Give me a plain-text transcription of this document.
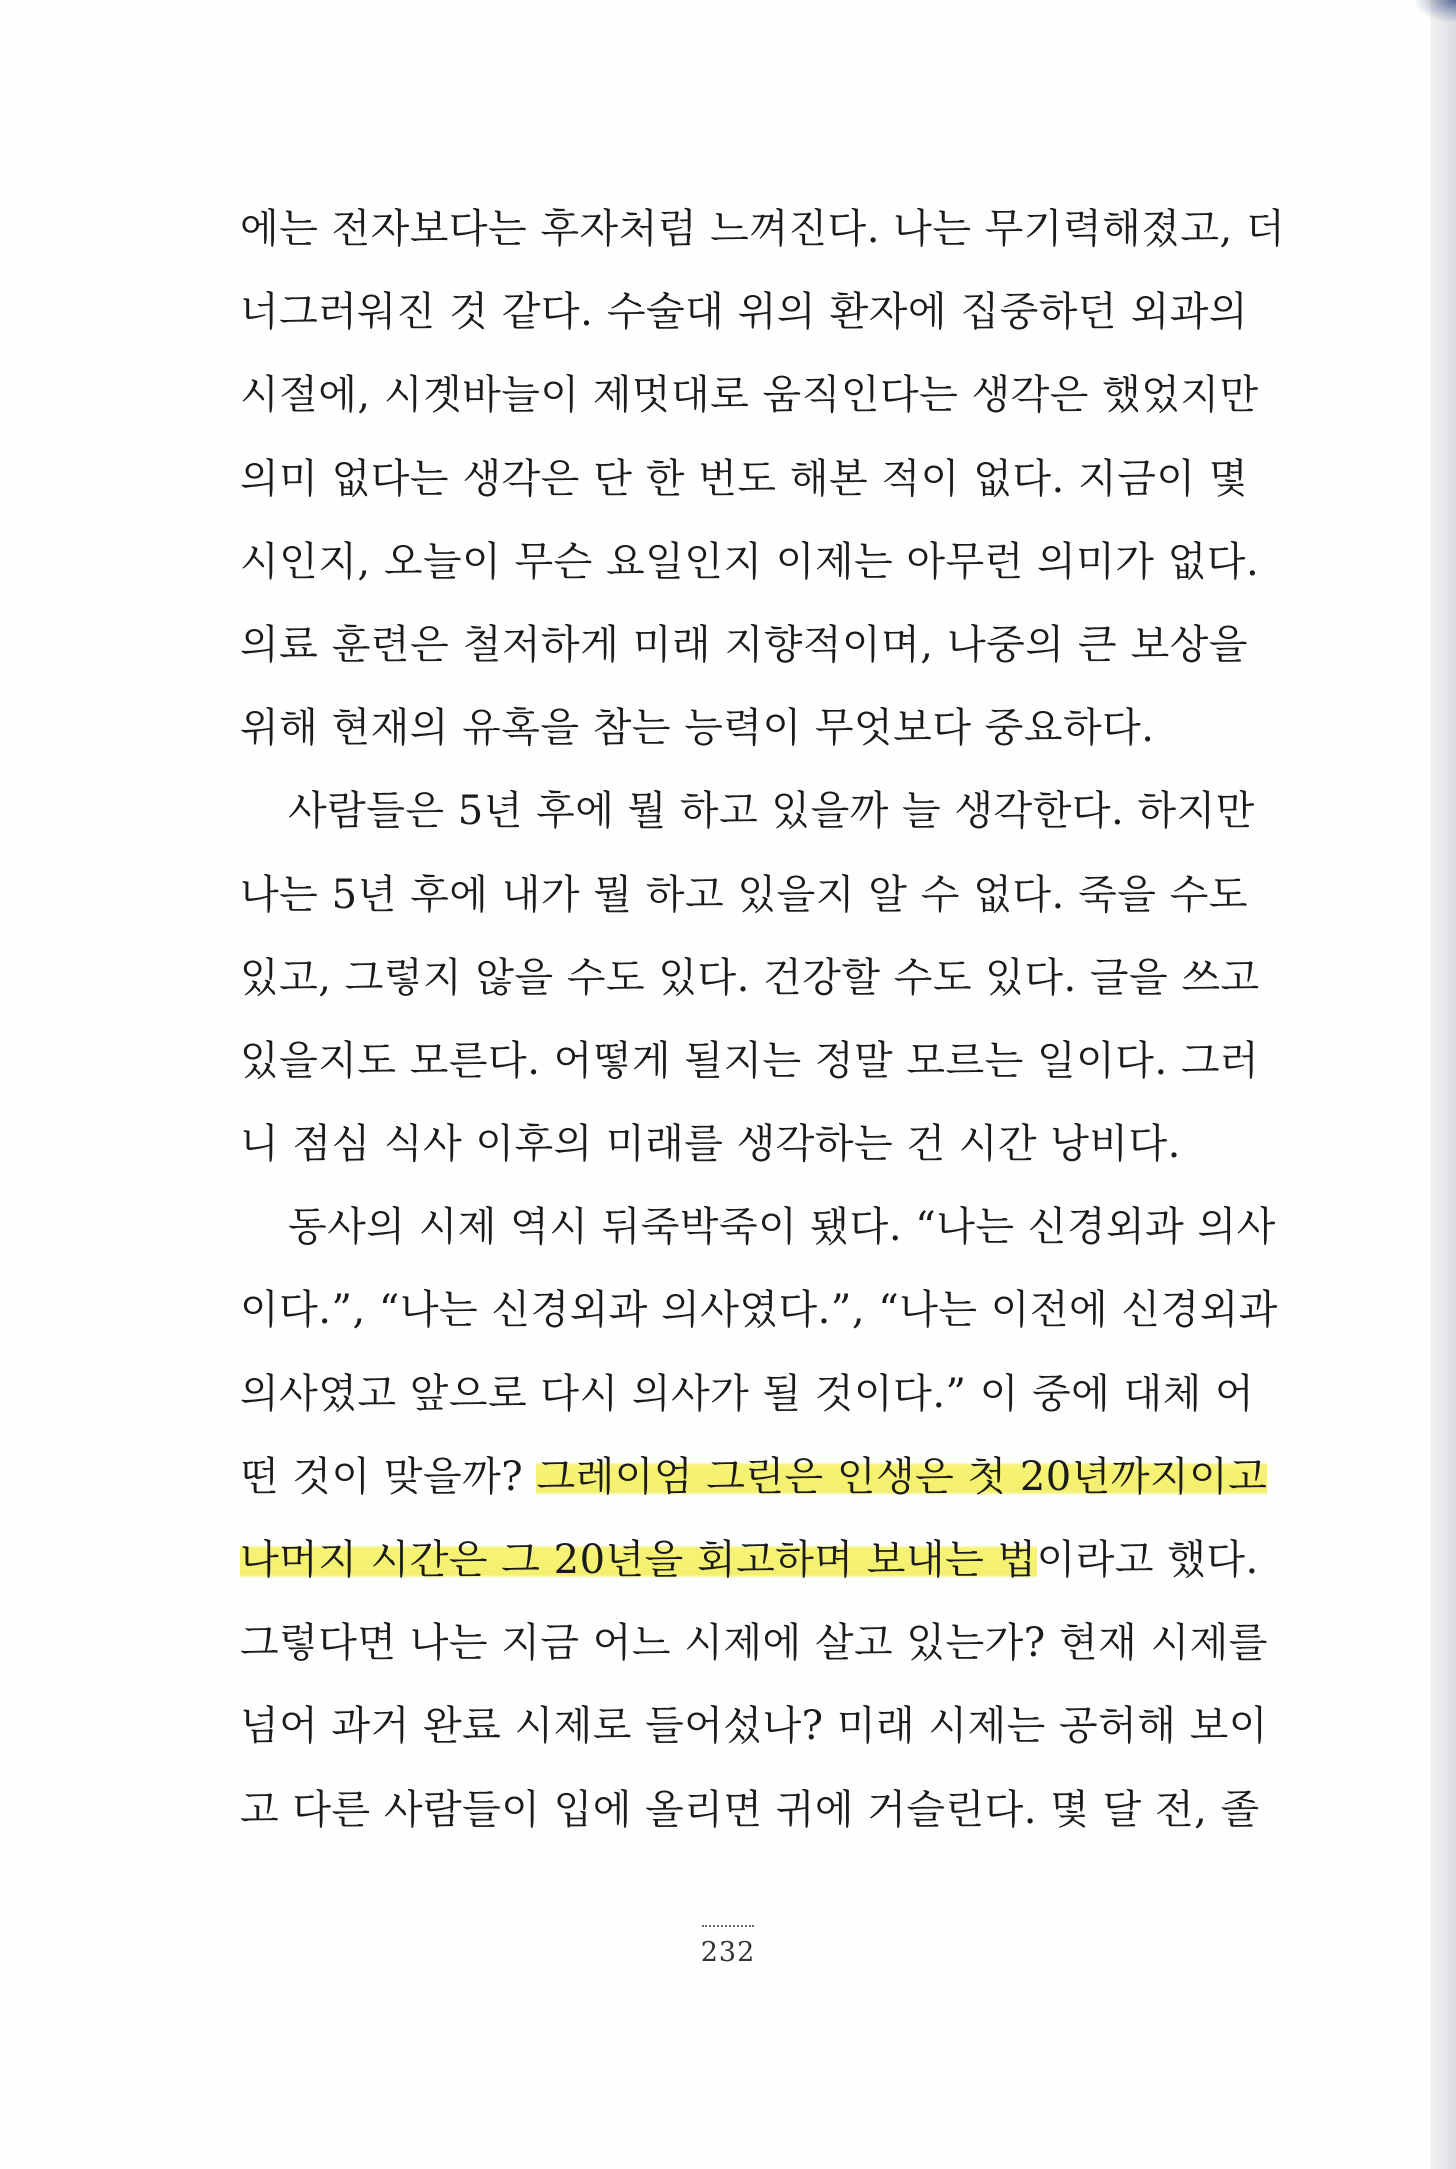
에는 전자보다는 후자처럼 느껴진다. 나는 무기력해졌고, 더
너그러워진 것 같다. 수술대 위의 환자에 집중하던 외과의
시절에, 시곗바늘이 제멋대로 움직인다는 생각은 했었지만
의미 없다는 생각은 단 한 번도 해본 적이 없다. 지금이 몇
시인지, 오늘이 무슨 요일인지 이제는 아무런 의미가 없다.
의료 훈련은 철저하게 미래 지향적이며, 나중의 큰 보상을
위해 현재의 유혹을 참는 능력이 무엇보다 중요하다.
사람들은 5년 후에 뭘 하고 있을까 늘 생각한다. 하지만
나는 5년 후에 내가 뭘 하고 있을지 알 수 없다. 죽을 수도
있고, 그렇지 않을 수도 있다. 건강할 수도 있다. 글을 쓰고
있을지도 모른다. 어떻게 될지는 정말 모르는 일이다. 그러
니 점심 식사 이후의 미래를 생각하는 건 시간 낭비다.
동사의 시제 역시 뒤죽박죽이 됐다. “나는 신경외과 의사
이다.”, “나는 신경외과 의사였다.”, “나는 이전에 신경외과
의사였고 앞으로 다시 의사가 될 것이다.” 이 중에 대체 어
떤 것이 맞을까? 그레이엄 그린은 인생은 첫 20년까지이고
나머지 시간은 그 20년을 회고하며 보내는 법이라고 했다.
그렇다면 나는 지금 어느 시제에 살고 있는가? 현재 시제를
넘어 과거 완료 시제로 들어섰나? 미래 시제는 공허해 보이
고 다른 사람들이 입에 올리면 귀에 거슬린다. 몇 달 전, 졸
232
